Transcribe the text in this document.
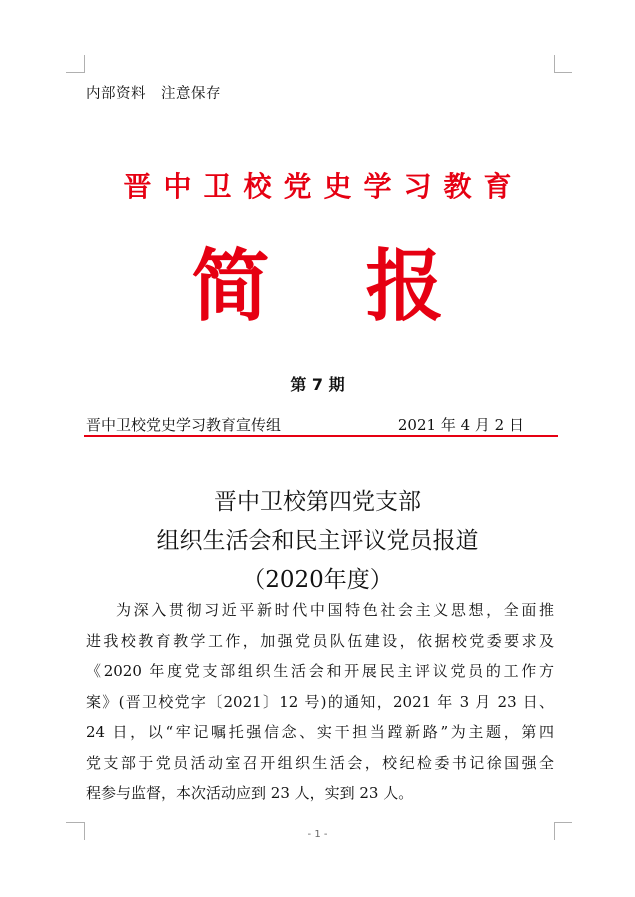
内部资料　注意保存
晋中卫校党史学习教育
简 报
第 7 期
晋中卫校党史学习教育宣传组	2021 年 4 月 2 日
晋中卫校第四党支部
组织生活会和民主评议党员报道
（2020年度）
为深入贯彻习近平新时代中国特色社会主义思想，全面推
进我校教育教学工作，加强党员队伍建设，依据校党委要求及
《2020 年度党支部组织生活会和开展民主评议党员的工作方
案》(晋卫校党字〔2021〕12 号)的通知，2021 年 3 月 23 日、
24 日，以“牢记嘱托强信念、实干担当蹚新路”为主题，第四
党支部于党员活动室召开组织生活会，校纪检委书记徐国强全
程参与监督，本次活动应到 23 人，实到 23 人。
- 1 -
